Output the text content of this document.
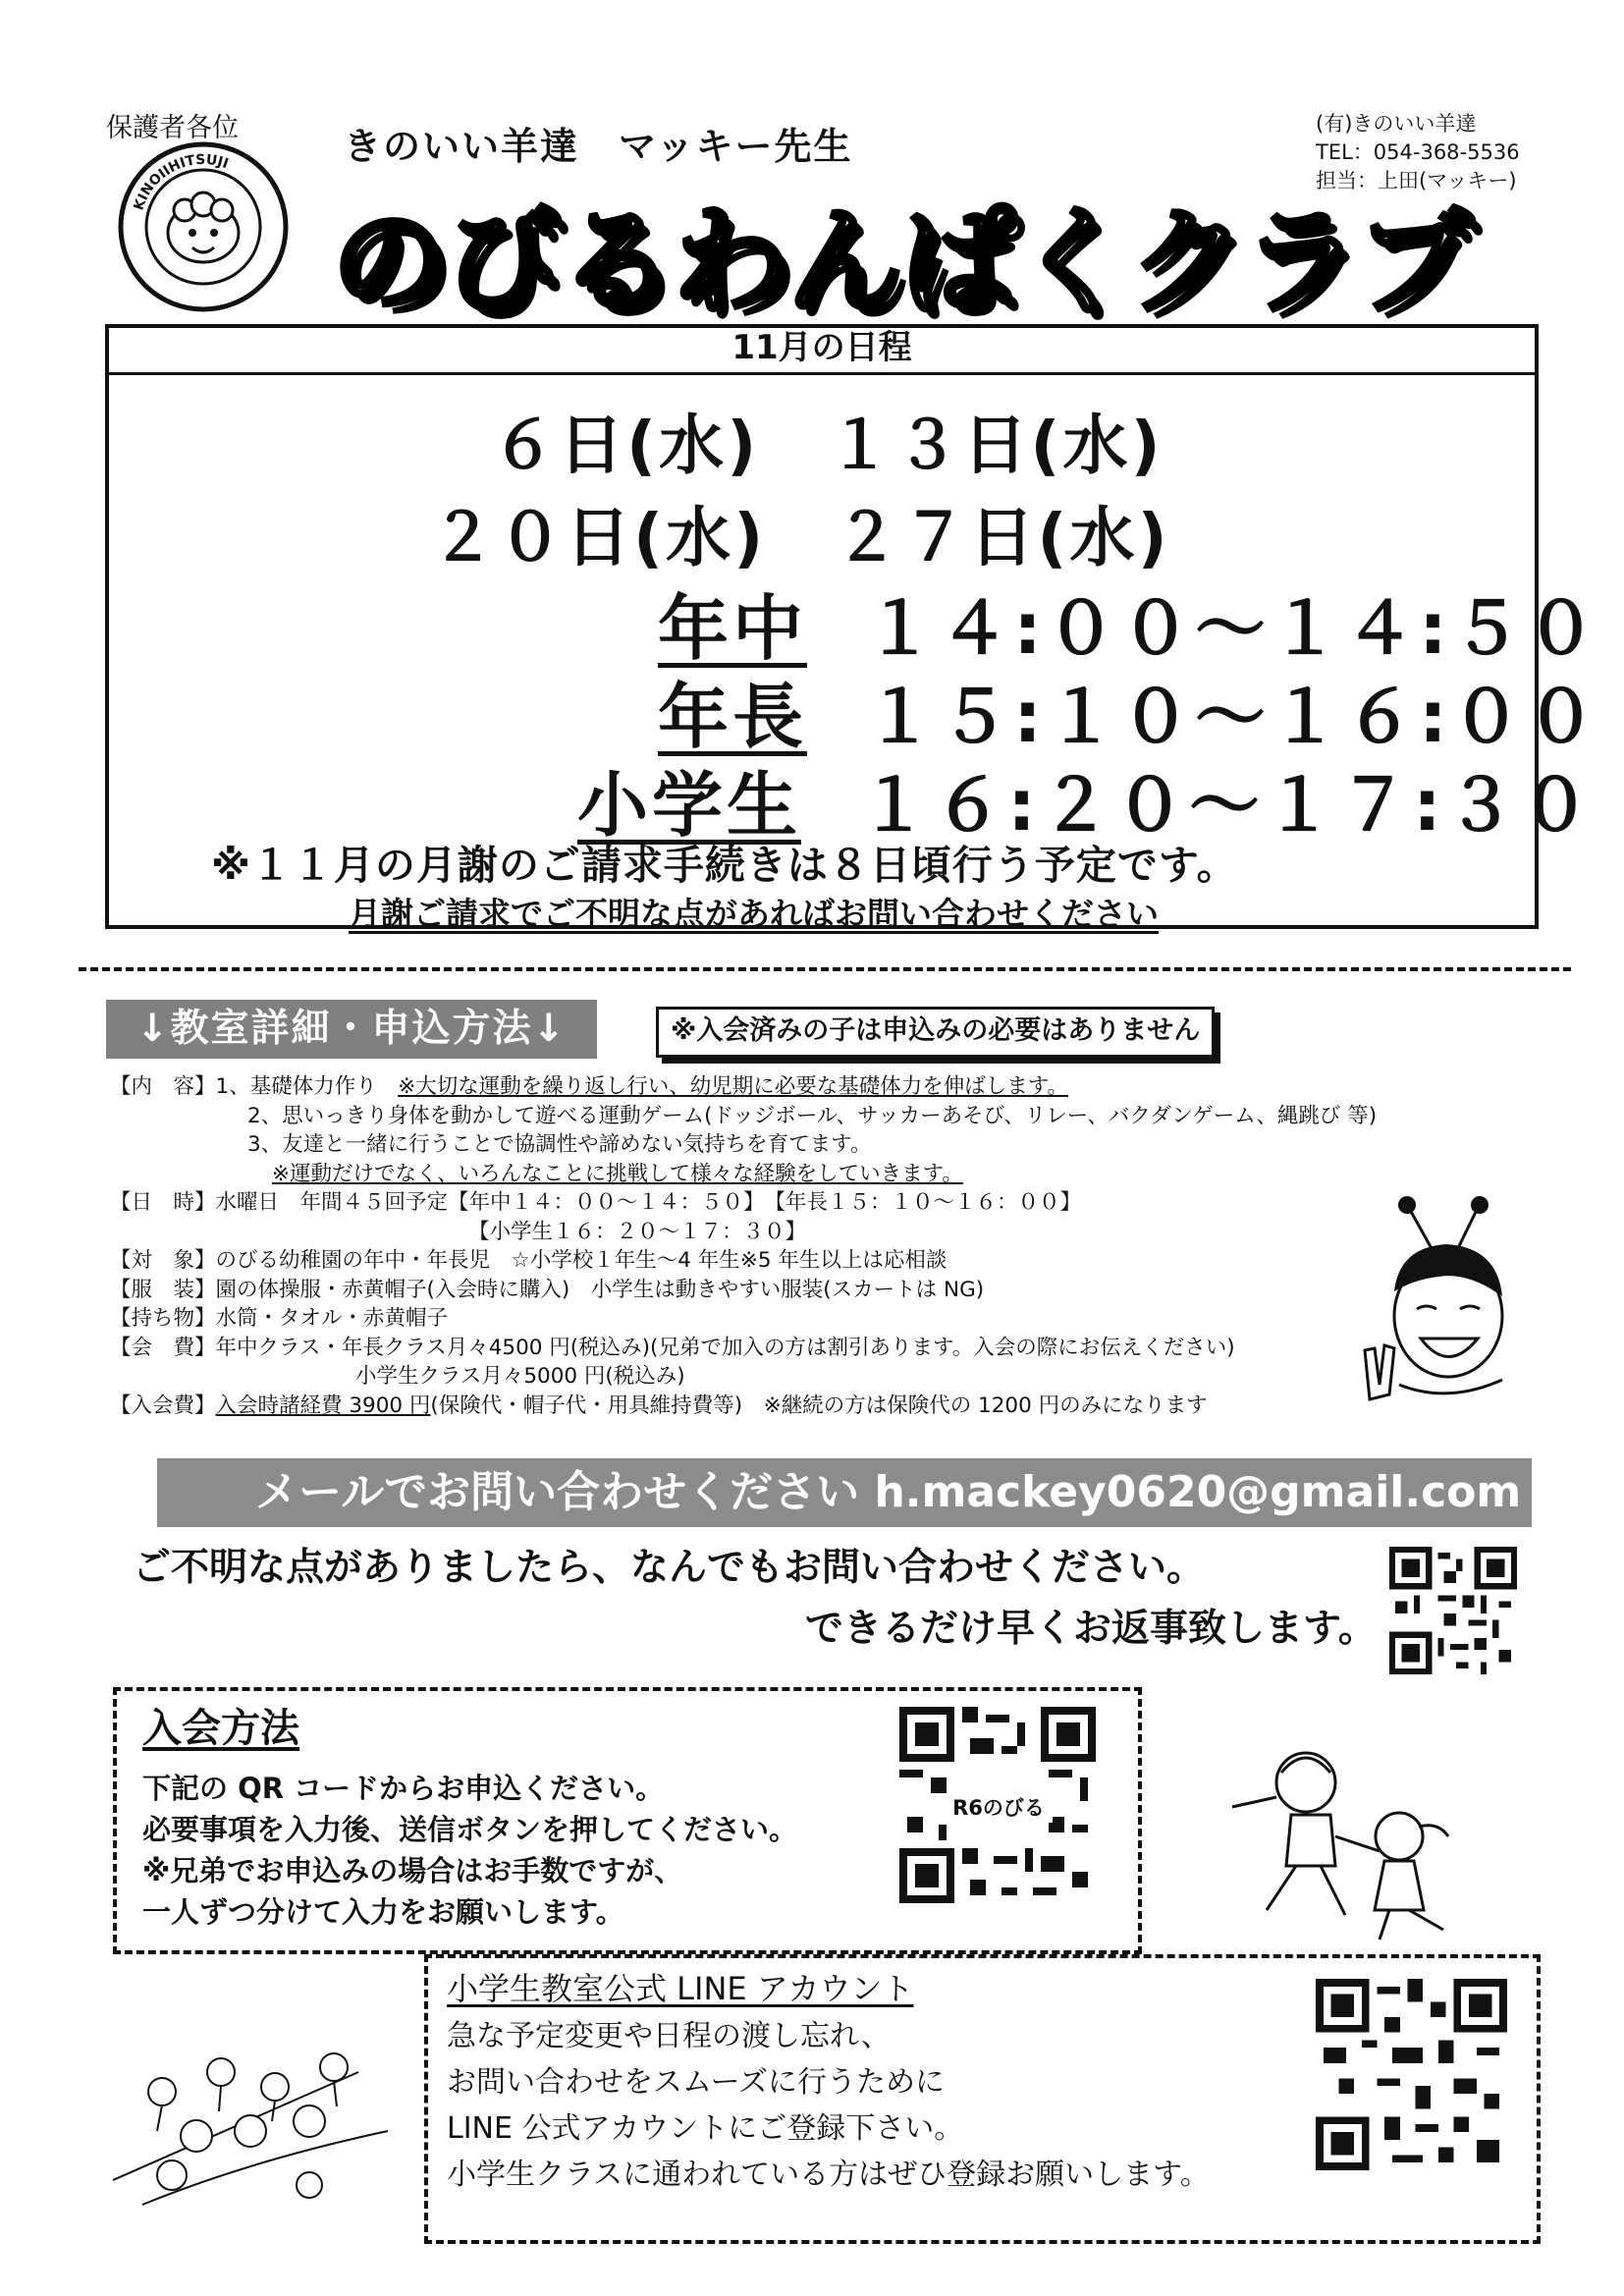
保護者各位
KINOIIHITSUJI	きのいい羊達　マッキー先生
のびるわんぱくクラブ
(有)きのいい羊達
TEL：054-368-5536
担当：上田(マッキー)
11月の日程
６日(水)　１３日(水)
２０日(水)　２７日(水)
年中 １４:００～１４:５０
年長 １５:１０～１６:００
小学生 １６:２０～１７:３０
※１１月の月謝のご請求手続きは８日頃行う予定です。
月謝ご請求でご不明な点があればお問い合わせください
↓教室詳細・申込方法↓	※入会済みの子は申込みの必要はありません
【内　容】1、基礎体力作り　※大切な運動を繰り返し行い、幼児期に必要な基礎体力を伸ばします。
2、思いっきり身体を動かして遊べる運動ゲーム(ドッジボール、サッカーあそび、リレー、バクダンゲーム、縄跳び 等)
3、友達と一緒に行うことで協調性や諦めない気持ちを育てます。
※運動だけでなく、いろんなことに挑戦して様々な経験をしていきます。
【日　時】水曜日　年間４５回予定【年中１４：００～１４：５０】　【年長１５：１０～１６：００】
【小学生１６：２０～１７：３０】
【対　象】のびる幼稚園の年中・年長児　☆小学校１年生～4 年生※5 年生以上は応相談
【服　装】園の体操服・赤黄帽子(入会時に購入)　小学生は動きやすい服装(スカートは NG)
【持ち物】水筒・タオル・赤黄帽子
【会　費】年中クラス・年長クラス月々4500 円(税込み)(兄弟で加入の方は割引あります。入会の際にお伝えください)
小学生クラス月々5000 円(税込み)
【入会費】入会時諸経費 3900 円(保険代・帽子代・用具維持費等)　※継続の方は保険代の 1200 円のみになります
メールでお問い合わせください h.mackey0620@gmail.com
ご不明な点がありましたら、なんでもお問い合わせください。
できるだけ早くお返事致します。
入会方法
下記の QR コードからお申込ください。
必要事項を入力後、送信ボタンを押してください。
※兄弟でお申込みの場合はお手数ですが、
一人ずつ分けて入力をお願いします。
R6のびる
小学生教室公式 LINE アカウント
急な予定変更や日程の渡し忘れ、
お問い合わせをスムーズに行うために
LINE 公式アカウントにご登録下さい。
小学生クラスに通われている方はぜひ登録お願いします。
